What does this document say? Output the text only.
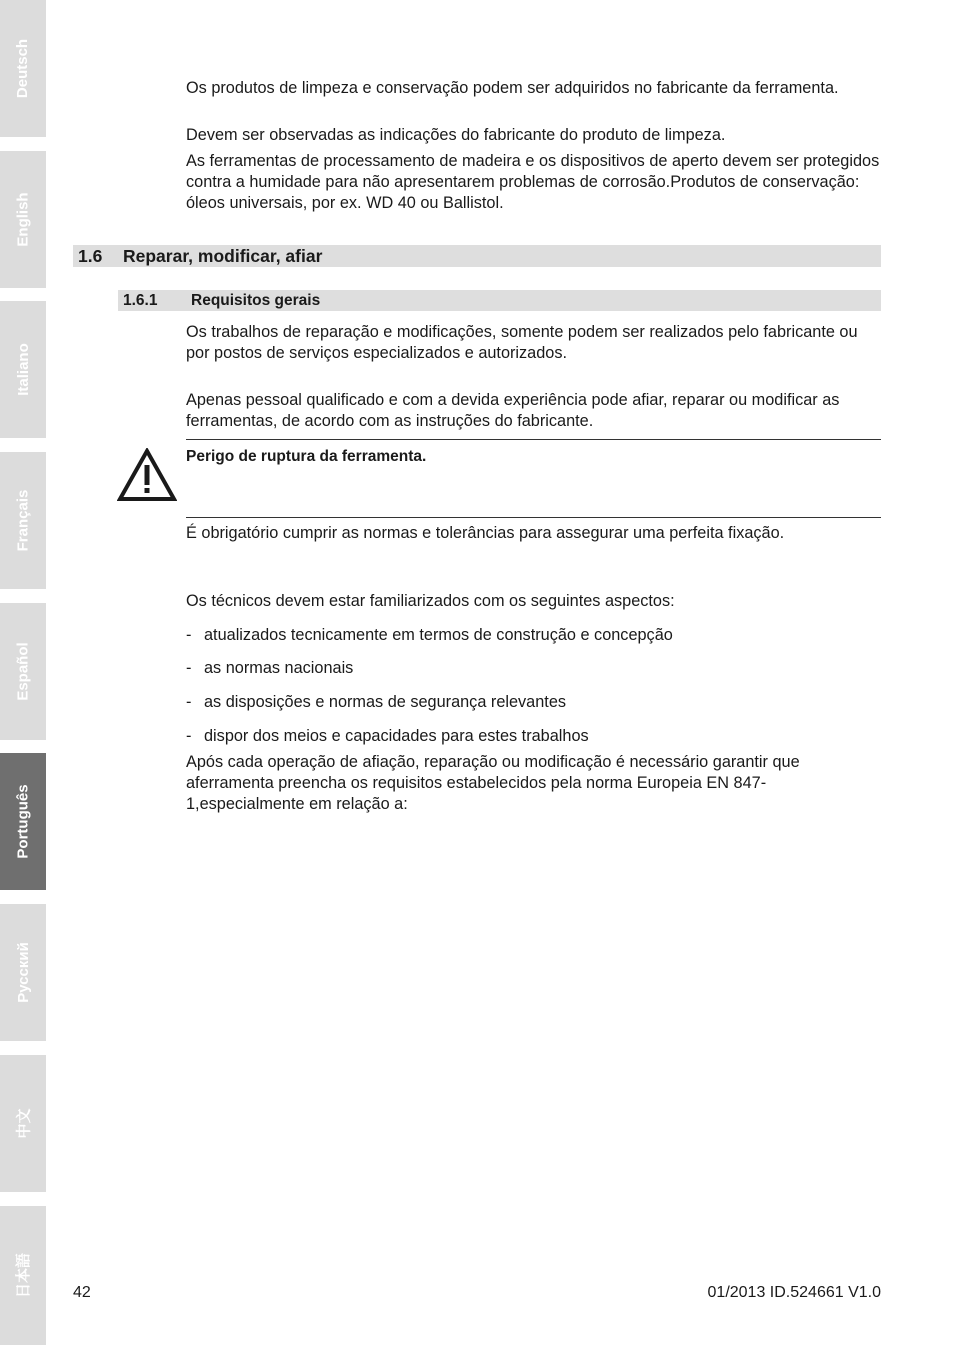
Deutsch
English
Italiano
Français
Español
Português
Русский
中文
日本語

Os produtos de limpeza e conservação podem ser adquiridos no fabricante da ferramenta.

Devem ser observadas as indicações do fabricante do produto de limpeza.

As ferramentas de processamento de madeira e os dispositivos de aperto devem ser protegidos contra a humidade para não apresentarem problemas de corrosão.Produtos de conservação: óleos universais, por ex. WD 40 ou Ballistol.

1.6 Reparar, modificar, afiar
1.6.1 Requisitos gerais

Os trabalhos de reparação e modificações, somente podem ser realizados pelo fabricante ou por postos de serviços especializados e autorizados.

Apenas pessoal qualificado e com a devida experiência pode afiar, reparar ou modificar as ferramentas, de acordo com as instruções do fabricante.

Perigo de ruptura da ferramenta.

É obrigatório cumprir as normas e tolerâncias para assegurar uma perfeita fixação.

Os técnicos devem estar familiarizados com os seguintes aspectos:

- atualizados tecnicamente em termos de construção e concepção
- as normas nacionais
- as disposições e normas de segurança relevantes
- dispor dos meios e capacidades para estes trabalhos

Após cada operação de afiação, reparação ou modificação é necessário garantir que aferramenta preencha os requisitos estabelecidos pela norma Europeia EN 847-1,especialmente em relação a:

42	01/2013 ID.524661 V1.0
